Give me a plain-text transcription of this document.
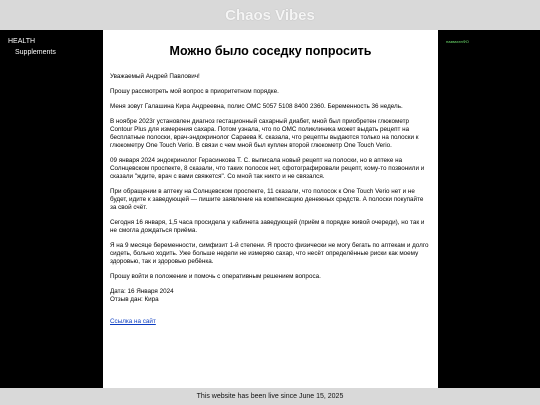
Chaos Vibes
HEALTH
Supplements	Можно было соседку попросить

Уважаемый Андрей Павлович!

Прошу рассмотреть мой вопрос в приоритетном порядке.

Меня зовут Галашина Кира Андреевна, полис ОМС 5057 5108 8400 2360. Беременность 36 недель.

В ноябре 2023г установлен диагноз гестационный сахарный диабет, мной был приобретен глюкометр Contour Plus для измерения сахара. Потом узнала, что по ОМС поликлиника может выдать рецепт на бесплатные полоски, врач-эндокринолог Сараева К. сказала, что рецепты выдаются только на полоски к глюкометру One Touch Verio. В связи с чем мной был куплен второй глюкометр One Touch Verio.

09 января 2024 эндокринолог Герасинкова Т. С. выписала новый рецепт на полоски, но в аптеке на Солнцевском проспекте, 8 сказали, что таких полосок нет, сфотографировали рецепт, кому-то позвонили и сказали "ждите, врач с вами свяжется". Со мной так никто и не связался.

При обращении в аптеку на Солнцевском проспекте, 11 сказали, что полосок к One Touch Verio нет и не будет, идите к заведующей — пишите заявление на компенсацию денежных средств. А полоски покупайте за свой счёт.

Сегодня 16 января, 1,5 часа просидела у кабинета заведующей (приём в порядке живой очереди), но так и не смогла дождаться приёма.

Я на 9 месяце беременности, симфизит 1-й степени. Я просто физически не могу бегать по аптекам и долго сидеть, больно ходить. Уже больше недели не измеряю сахар, что несёт определённые риски как моему здоровью, так и здоровью ребёнка.

Прошу войти в положение и помочь с оперативным решением вопроса.

Дата: 16 Января 2024
Отзыв дан: Кира

Ссылка на сайт
назвахэпФО
This website has been live since June 15, 2025
